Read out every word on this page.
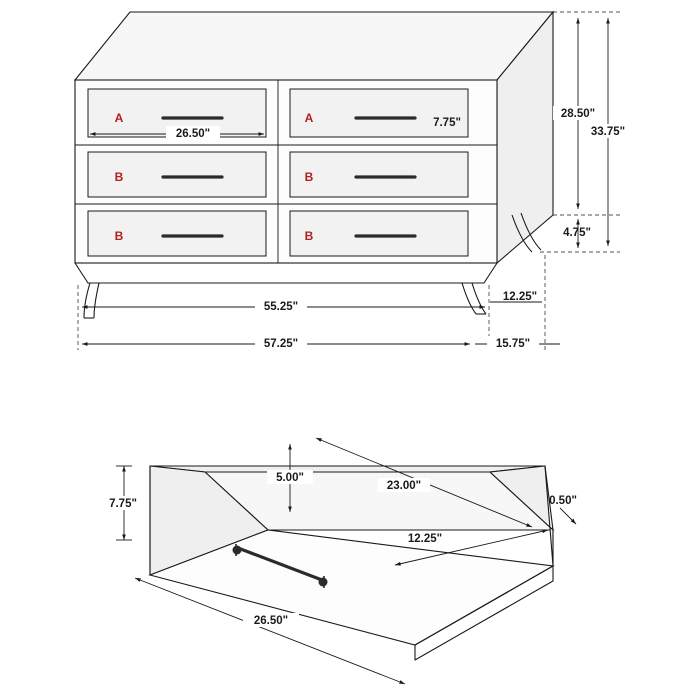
A	A
B	B
B	B
26.50"
7.75"
28.50"
33.75"
4.75"
55.25"
12.25"
57.25"	15.75"
5.00"
23.00"
7.75"	0.50"
12.25"
26.50"
